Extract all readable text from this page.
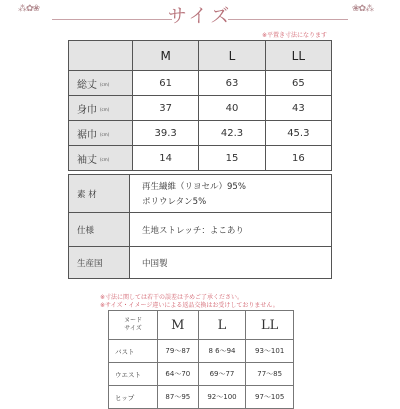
⁂✿❀	❀✿⁂
サイズ
※平置き寸法になります
	M	L	LL
総丈 (cm)	61	63	65
身巾 (cm)	37	40	43
裾巾 (cm)	39.3	42.3	45.3
袖丈 (cm)	14	15	16
素 材	再生繊維（リヨセル）95%
ポリウレタン5%

仕様	生地ストレッチ：よこあり

生産国	中国製
※寸法に関しては若干の誤差は予めご了承ください。
※サイズ・イメージ違いによる返品交換はお受けしておりません。
ヌード
サイズ	M	L	LL
バスト	79〜87	8 6〜94	93〜101
ウエスト	64〜70	69〜77	77〜85
ヒップ	87〜95	92〜100	97〜105
